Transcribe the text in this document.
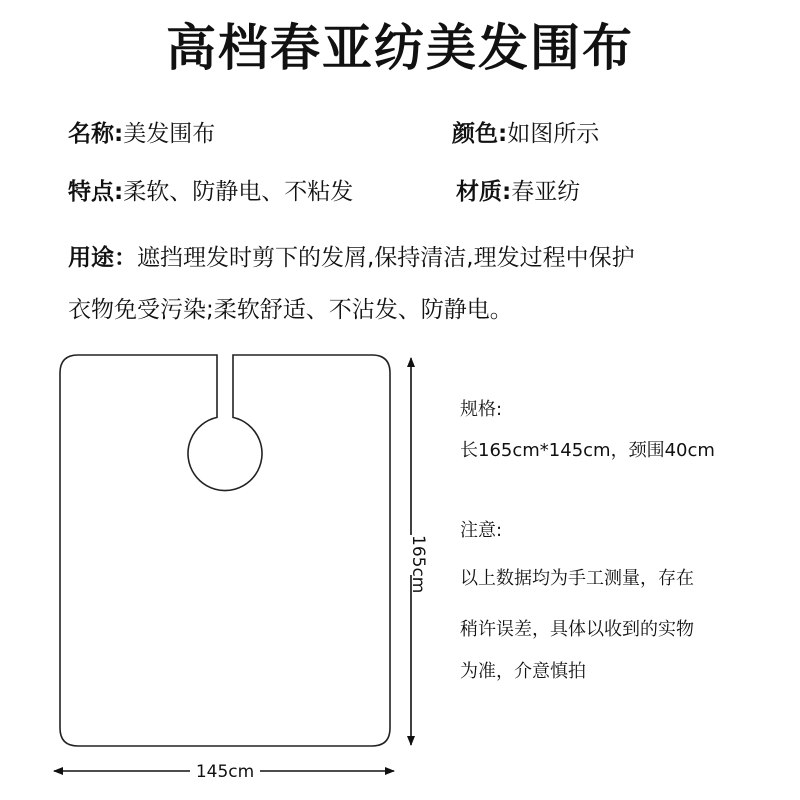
高档春亚纺美发围布
名称:美发围布	颜色:如图所示
特点:柔软、防静电、不粘发	材质:春亚纺
用途：遮挡理发时剪下的发屑,保持清洁,理发过程中保护
衣物免受污染;柔软舒适、不沾发、防静电。
165cm
145cm
规格:
长165cm*145cm，颈围40cm
注意:
以上数据均为手工测量，存在
稍许误差，具体以收到的实物
为准，介意慎拍
